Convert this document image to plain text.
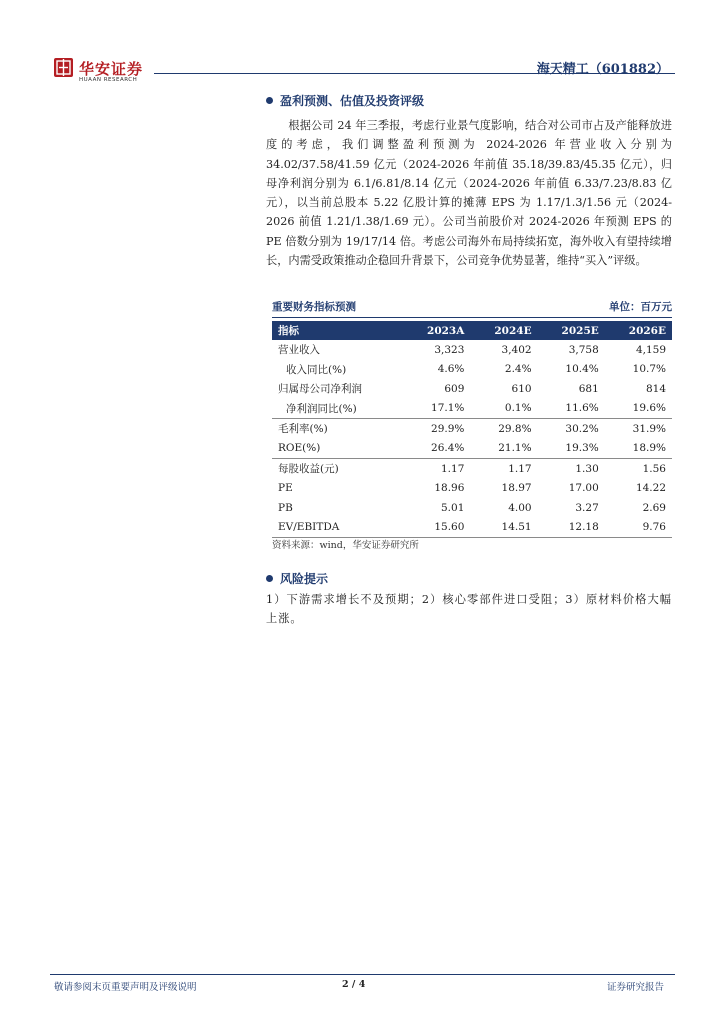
华安证券
HUAAN RESEARCH
海天精工（601882）
盈利预测、估值及投资评级

根据公司 24 年三季报，考虑行业景气度影响，结合对公司市占及产能释放进度的考虑，我们调整盈利预测为 2024-2026 年营业收入分别为 34.02/37.58/41.59 亿元（2024-2026 年前值 35.18/39.83/45.35 亿元），归母净利润分别为 6.1/6.81/8.14 亿元（2024-2026 年前值 6.33/7.23/8.83 亿元），以当前总股本 5.22 亿股计算的摊薄 EPS 为 1.17/1.3/1.56 元（2024-2026 前值 1.21/1.38/1.69 元）。公司当前股价对 2024-2026 年预测 EPS 的 PE 倍数分别为 19/17/14 倍。考虑公司海外布局持续拓宽，海外收入有望持续增长，内需受政策推动企稳回升背景下，公司竞争优势显著，维持“买入”评级。

重要财务指标预测	单位：百万元
指标	2023A	2024E	2025E	2026E
营业收入	3,323	3,402	3,758	4,159
收入同比(%)	4.6%	2.4%	10.4%	10.7%
归属母公司净利润	609	610	681	814
净利润同比(%)	17.1%	0.1%	11.6%	19.6%
毛利率(%)	29.9%	29.8%	30.2%	31.9%
ROE(%)	26.4%	21.1%	19.3%	18.9%
每股收益(元)	1.17	1.17	1.30	1.56
PE	18.96	18.97	17.00	14.22
PB	5.01	4.00	3.27	2.69
EV/EBITDA	15.60	14.51	12.18	9.76
资料来源：wind，华安证券研究所
风险提示

1）下游需求增长不及预期；2）核心零部件进口受阻；3）原材料价格大幅上涨。

敬请参阅末页重要声明及评级说明	2 / 4	证券研究报告
